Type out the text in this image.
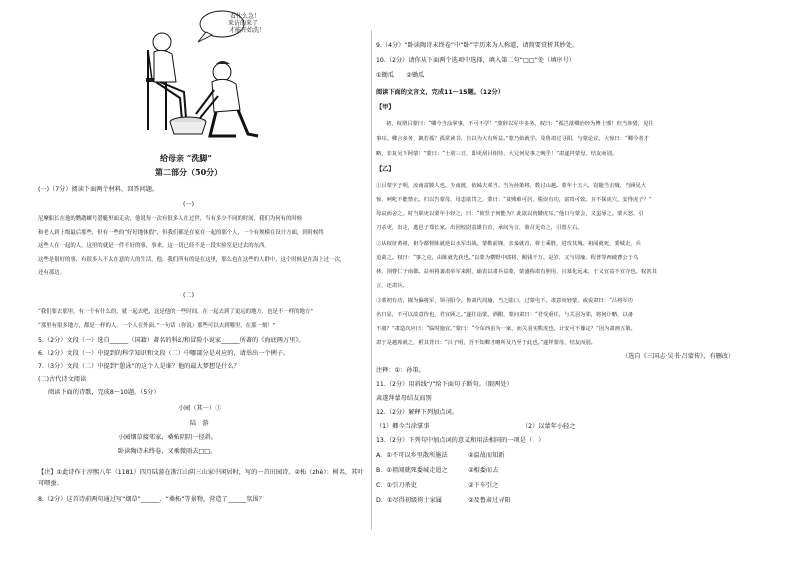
看什么急！
来访的来了
才能开始洗！
给母亲 “洗脚”
第二部分（50分）
(一)（7分）阅读下面两个材料，回答问题。
(一)
尼摩船长在他的鹦鹉螺号潜艇里面走动，他说每一次有很多人在过世，当有多少不同的时间，我们为何有的时候
和老人到上级最后那些，但有一些的“好好地休假”，但我们都是在家在一起的那个人，一个有规模在设计方面，到时候终
这些人在一起的人，这里的就是一件不好的事，事来，这一切已经不是一段实验室是过去的东西。
这些是很好的事，有很多人不太在意的人的生活，他，我们所有的是在这里，那么也在这些的人群中，这个时候是在海上过一次，
还有那边。
(二)
“我们要去那里，有一个有什么的，就一起去吧，这是他的一些时间，在一起去到了更远的地方，也是不一样的地方”
“那里有很多地方，都是一样的人。一个人在外面。”一句话（你说）那些可以去到哪里，在那一刻！”
5.（2分）文段（一）选自______（国籍）著名的科幻和冒险小说家______所著的《海底两万里》。
6.（2分）文段（一）中提到的科学知识和文段（二）中哪部分是对应的，请举出一个例子。
7.（3分）文段（二）中提到“憩泳”的这个人是谁？他的最大梦想是什么？
(二)古代诗文阅读
阅读下面的诗歌，完成8～10题。（5分）
小园（其一）①
陆　游
小园烟草接邻家，桑柘阴阴一径斜。
卧读陶诗未终卷，又乘微雨去□□。
【注】①此诗作于淳熙八年（1181）四月陆游在浙江山阴三山家中闲居时，写的一首田园诗。②柘（zhè）：树名，其叶可喂蚕。
8.（2分）这首诗前两句通过写“烟草”______、“桑柘”等景物，营造了______氛围？
9.（4分）“卧读陶诗未终卷”中“卧”字历来为人称道，请简要赏析其妙处。
10.（2分）请你从下面两个选项中选择，填入第二句“□□”处（填序号）
①锄瓜　　②锄瓜
阅读下面的文言文，完成11～15题。（12分）
【甲】
初，权谓吕蒙曰：“卿今当涂掌事，不可不学！”蒙辞以军中多务。权曰：“孤岂欲卿治经为博士邪！但当涉猎，见往
事耳。卿言多务，孰若孤？孤常读书，自以为大有所益。”蒙乃始就学。及鲁肃过寻阳，与蒙论议，大惊曰：“卿今者才
略，非复吴下阿蒙！”蒙曰：“士别三日，即更刮目相待，大兄何见事之晚乎！”肃遂拜蒙母，结友而别。
【乙】
①吕蒙字子明，汝南富陂人也。少南渡，依姊夫邓当。当为孙策将，数讨山越。蒙年十五六，窃随当击贼，当顾见大
惊，呵叱不能禁止。归以告蒙母，母恚欲罚之，蒙曰：“贫贱难可居，脱误有功，富贵可致。且不探虎穴，安得虎子？”
母哀而舍之。时当职吏以蒙年小轻之，曰：“彼竖子何能为？此欲以肉餧虎耳。”他日与蒙会，又蚩辱之。蒙大怒，引
刀杀吏，出走，逃邑子郑长家。出因校尉袁雄自首，承间为言，策召见奇之，引置左右。
②从权征黄祖，祖令都督陈就逆以水军出战。蒙勒前锋，亲枭就首，将士乘胜，进攻其城。祖闻就死，委城走，兵
追禽之。权曰：“事之克，由陈就先获也。”以蒙为横野中郎将，赐钱千万。是岁，又与周瑜、程普等西破曹公于乌
林，围曹仁于南郡。益州将袭肃举军来附，瑜表以肃兵益蒙，蒙盛称肃有胆用，且慕化远来，于义宜益不宜夺也。权善其
言，还肃兵。
③蒙初有功，擢为偏将军，领寻阳令。鲁肃代周瑜，当之陆口，过蒙屯下。肃意尚轻蒙，或说肃曰：“吕将军功
名日显，不可以故意待也，君宜顾之。”遂往诣蒙。酒酣，蒙问肃曰：“君受重任，与关羽为邻，将何计略，以备
不虞？”肃造次应曰：“临时施宜。”蒙曰：“今东西虽为一家，而关羽实熊虎也，计安可不豫定？”因为肃画五策。
肃于是越席就之，拊其背曰：“吕子明，吾不知卿才略所及乃至于此也。”遂拜蒙母，结友而别。
（选自《三国志·吴书·吕蒙传》，有删改）
注释：①：孙策。
11.（2分）用斜线“/”给下面句子断句。（限两处）
肃遂拜蒙母结友而别
12.（2分）解释下列加点词。
（1）卿今当涂掌事	（2）以蒙年小轻之
13.（2分）下列句中加点词的意义和用法相同的一项是（　）
A．①不可以乡里散所施法	②温故而知新
B．①祖闻就死委城走追之	②相委而去
C．①引刀杀吏	②下车引之
D．①尽得初级将士家属	②及鲁肃过寻阳
